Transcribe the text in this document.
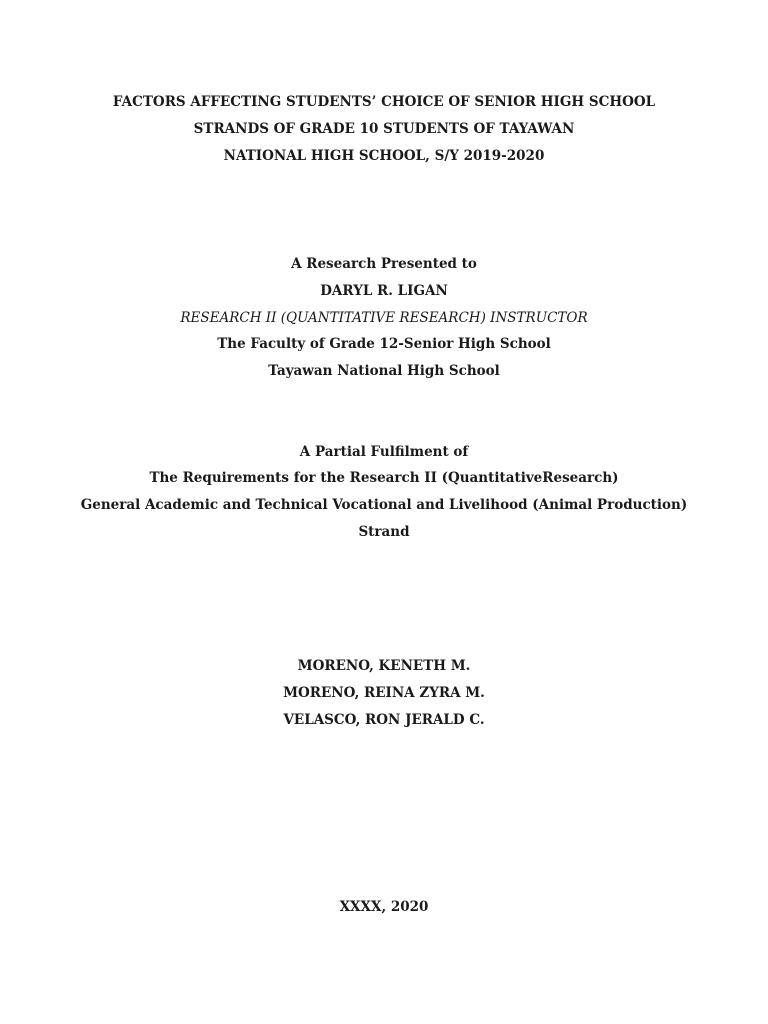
FACTORS AFFECTING STUDENTS’ CHOICE OF SENIOR HIGH SCHOOL
STRANDS OF GRADE 10 STUDENTS OF TAYAWAN
NATIONAL HIGH SCHOOL, S/Y 2019-2020
A Research Presented to
DARYL R. LIGAN
RESEARCH II (QUANTITATIVE RESEARCH) INSTRUCTOR
The Faculty of Grade 12-Senior High School
Tayawan National High School
A Partial Fulfilment of
The Requirements for the Research II (QuantitativeResearch)
General Academic and Technical Vocational and Livelihood (Animal Production)
Strand
MORENO, KENETH M.
MORENO, REINA ZYRA M.
VELASCO, RON JERALD C.
XXXX, 2020
